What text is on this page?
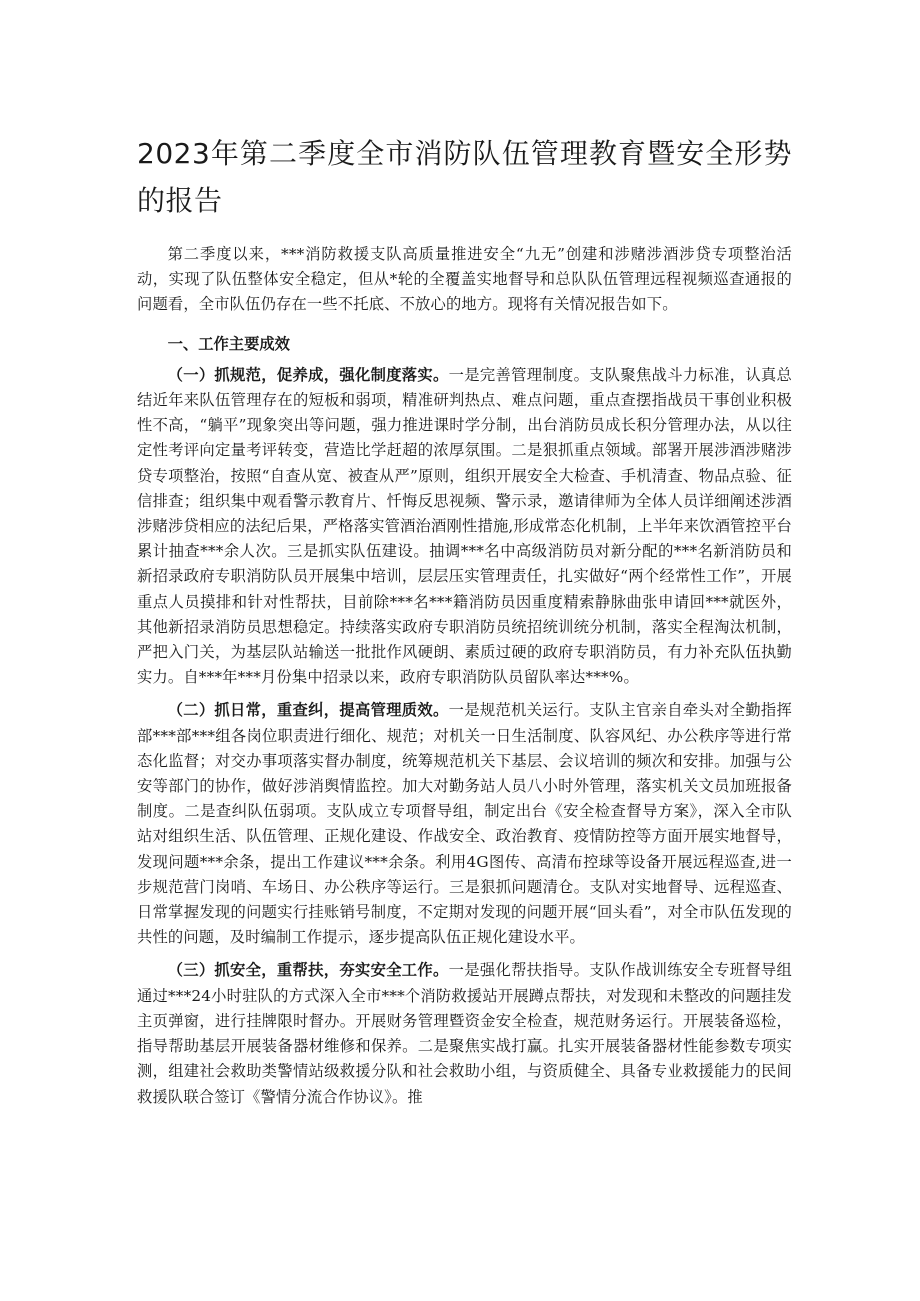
2023年第二季度全市消防队伍管理教育暨安全形势的报告

第二季度以来，***消防救援支队高质量推进安全“九无”创建和涉赌涉酒涉贷专项整治活动，实现了队伍整体安全稳定，但从*轮的全覆盖实地督导和总队队伍管理远程视频巡查通报的问题看，全市队伍仍存在一些不托底、不放心的地方。现将有关情况报告如下。

一、工作主要成效

（一）抓规范，促养成，强化制度落实。一是完善管理制度。支队聚焦战斗力标准，认真总结近年来队伍管理存在的短板和弱项，精准研判热点、难点问题，重点查摆指战员干事创业积极性不高，“躺平”现象突出等问题，强力推进课时学分制，出台消防员成长积分管理办法，从以往定性考评向定量考评转变，营造比学赶超的浓厚氛围。二是狠抓重点领域。部署开展涉酒涉赌涉贷专项整治，按照“自查从宽、被查从严”原则，组织开展安全大检查、手机清查、物品点验、征信排查；组织集中观看警示教育片、忏悔反思视频、警示录，邀请律师为全体人员详细阐述涉酒涉赌涉贷相应的法纪后果，严格落实管酒治酒刚性措施,形成常态化机制，上半年来饮酒管控平台累计抽查***余人次。三是抓实队伍建设。抽调***名中高级消防员对新分配的***名新消防员和新招录政府专职消防队员开展集中培训，层层压实管理责任，扎实做好“两个经常性工作”，开展重点人员摸排和针对性帮扶，目前除***名***籍消防员因重度精索静脉曲张申请回***就医外，其他新招录消防员思想稳定。持续落实政府专职消防员统招统训统分机制，落实全程淘汰机制，严把入门关，为基层队站输送一批批作风硬朗、素质过硬的政府专职消防员，有力补充队伍执勤实力。自***年***月份集中招录以来，政府专职消防队员留队率达***%。

（二）抓日常，重查纠，提高管理质效。一是规范机关运行。支队主官亲自牵头对全勤指挥部***部***组各岗位职责进行细化、规范；对机关一日生活制度、队容风纪、办公秩序等进行常态化监督；对交办事项落实督办制度，统筹规范机关下基层、会议培训的频次和安排。加强与公安等部门的协作，做好涉消舆情监控。加大对勤务站人员八小时外管理，落实机关文员加班报备制度。二是查纠队伍弱项。支队成立专项督导组，制定出台《安全检查督导方案》，深入全市队站对组织生活、队伍管理、正规化建设、作战安全、政治教育、疫情防控等方面开展实地督导，发现问题***余条，提出工作建议***余条。利用4G图传、高清布控球等设备开展远程巡查,进一步规范营门岗哨、车场日、办公秩序等运行。三是狠抓问题清仓。支队对实地督导、远程巡查、日常掌握发现的问题实行挂账销号制度，不定期对发现的问题开展“回头看”，对全市队伍发现的共性的问题，及时编制工作提示，逐步提高队伍正规化建设水平。

（三）抓安全，重帮扶，夯实安全工作。一是强化帮扶指导。支队作战训练安全专班督导组通过***24小时驻队的方式深入全市***个消防救援站开展蹲点帮扶，对发现和未整改的问题挂发主页弹窗，进行挂牌限时督办。开展财务管理暨资金安全检查，规范财务运行。开展装备巡检，指导帮助基层开展装备器材维修和保养。二是聚焦实战打赢。扎实开展装备器材性能参数专项实测，组建社会救助类警情站级救援分队和社会救助小组，与资质健全、具备专业救援能力的民间救援队联合签订《警情分流合作协议》。推
